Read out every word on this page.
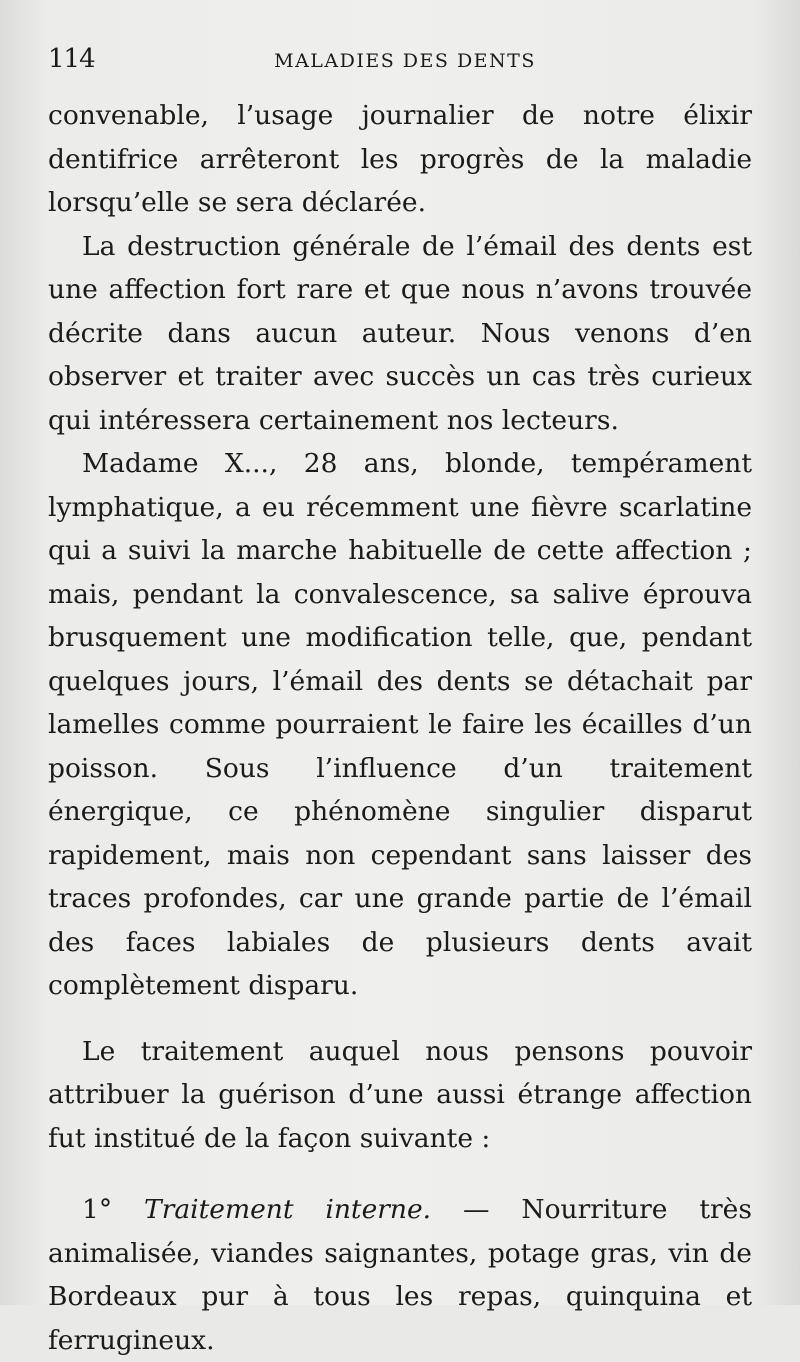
114	MALADIES DES DENTS

convenable, l’usage journalier de notre élixir dentifrice arrêteront les progrès de la maladie lorsqu’elle se sera déclarée.

La destruction générale de l’émail des dents est une affection fort rare et que nous n’avons trouvée décrite dans aucun auteur. Nous venons d’en observer et traiter avec succès un cas très curieux qui intéressera certainement nos lecteurs.

Madame X..., 28 ans, blonde, tempérament lymphatique, a eu récemment une fièvre scarlatine qui a suivi la marche habituelle de cette affection ; mais, pendant la convalescence, sa salive éprouva brusquement une modification telle, que, pendant quelques jours, l’émail des dents se détachait par lamelles comme pourraient le faire les écailles d’un poisson. Sous l’influence d’un traitement énergique, ce phénomène singulier disparut rapidement, mais non cependant sans laisser des traces profondes, car une grande partie de l’émail des faces labiales de plusieurs dents avait complètement disparu.

Le traitement auquel nous pensons pouvoir attribuer la guérison d’une aussi étrange affection fut institué de la façon suivante :

1° Traitement interne. — Nourriture très animalisée, viandes saignantes, potage gras, vin de Bordeaux pur à tous les repas, quinquina et ferrugineux.
